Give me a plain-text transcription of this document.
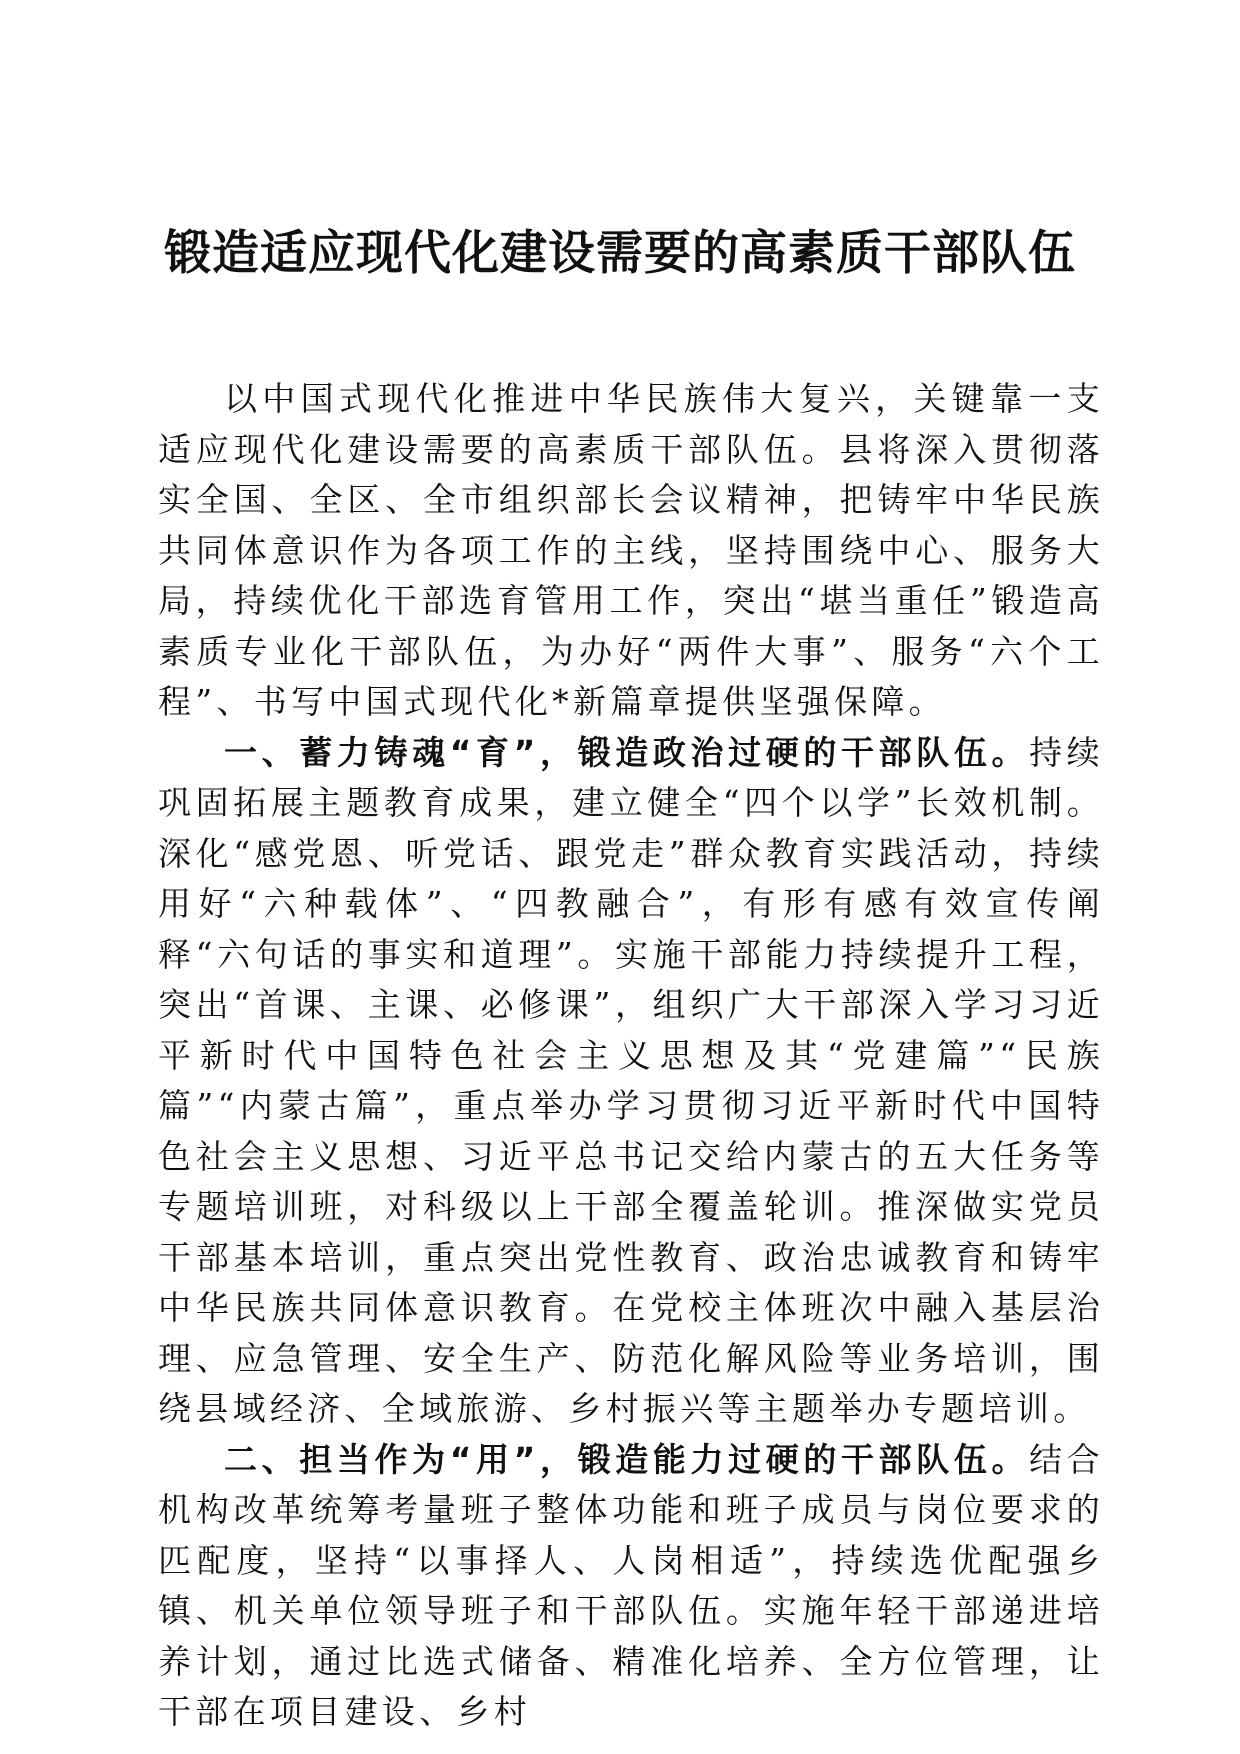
锻造适应现代化建设需要的高素质干部队伍

以中国式现代化推进中华民族伟大复兴，关键靠一支适应现代化建设需要的高素质干部队伍。县将深入贯彻落实全国、全区、全市组织部长会议精神，把铸牢中华民族共同体意识作为各项工作的主线，坚持围绕中心、服务大局，持续优化干部选育管用工作，突出“堪当重任”锻造高素质专业化干部队伍，为办好“两件大事”、服务“六个工程”、书写中国式现代化*新篇章提供坚强保障。

一、蓄力铸魂“育”，锻造政治过硬的干部队伍。持续巩固拓展主题教育成果，建立健全“四个以学”长效机制。深化“感党恩、听党话、跟党走”群众教育实践活动，持续用好“六种载体”、“四教融合”，有形有感有效宣传阐释“六句话的事实和道理”。实施干部能力持续提升工程，突出“首课、主课、必修课”，组织广大干部深入学习习近平新时代中国特色社会主义思想及其“党建篇”“民族篇”“内蒙古篇”，重点举办学习贯彻习近平新时代中国特色社会主义思想、习近平总书记交给内蒙古的五大任务等专题培训班，对科级以上干部全覆盖轮训。推深做实党员干部基本培训，重点突出党性教育、政治忠诚教育和铸牢中华民族共同体意识教育。在党校主体班次中融入基层治理、应急管理、安全生产、防范化解风险等业务培训，围绕县域经济、全域旅游、乡村振兴等主题举办专题培训。

二、担当作为“用”，锻造能力过硬的干部队伍。结合机构改革统筹考量班子整体功能和班子成员与岗位要求的匹配度，坚持“以事择人、人岗相适”，持续选优配强乡镇、机关单位领导班子和干部队伍。实施年轻干部递进培养计划，通过比选式储备、精准化培养、全方位管理，让干部在项目建设、乡村
